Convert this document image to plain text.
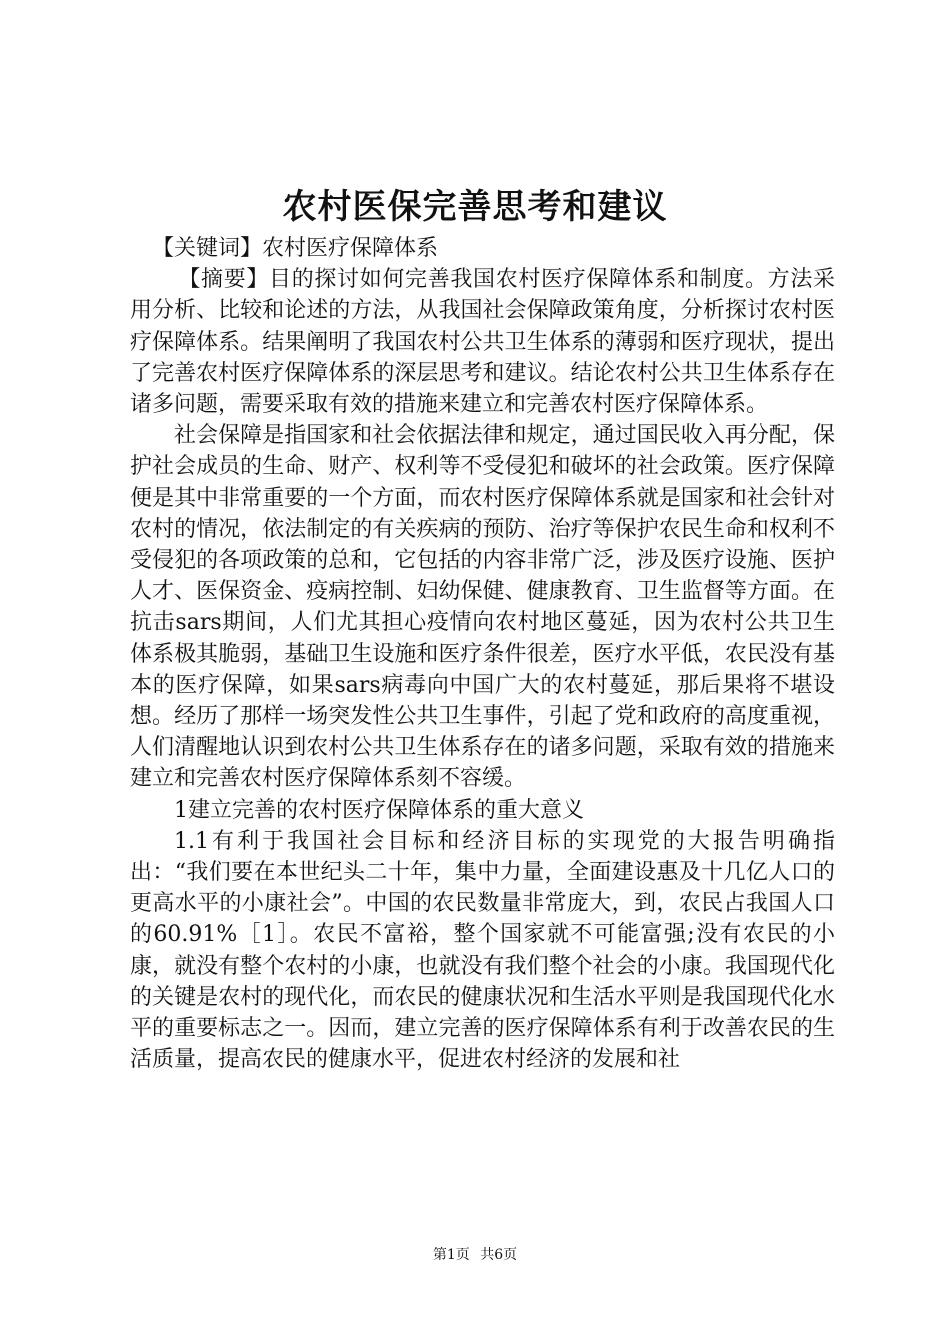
农村医保完善思考和建议

【关键词】农村医疗保障体系

【摘要】目的探讨如何完善我国农村医疗保障体系和制度。方法采用分析、比较和论述的方法，从我国社会保障政策角度，分析探讨农村医疗保障体系。结果阐明了我国农村公共卫生体系的薄弱和医疗现状，提出了完善农村医疗保障体系的深层思考和建议。结论农村公共卫生体系存在诸多问题，需要采取有效的措施来建立和完善农村医疗保障体系。

社会保障是指国家和社会依据法律和规定，通过国民收入再分配，保护社会成员的生命、财产、权利等不受侵犯和破坏的社会政策。医疗保障便是其中非常重要的一个方面，而农村医疗保障体系就是国家和社会针对农村的情况，依法制定的有关疾病的预防、治疗等保护农民生命和权利不受侵犯的各项政策的总和，它包括的内容非常广泛，涉及医疗设施、医护人才、医保资金、疫病控制、妇幼保健、健康教育、卫生监督等方面。在抗击sars期间，人们尤其担心疫情向农村地区蔓延，因为农村公共卫生体系极其脆弱，基础卫生设施和医疗条件很差，医疗水平低，农民没有基本的医疗保障，如果sars病毒向中国广大的农村蔓延，那后果将不堪设想。经历了那样一场突发性公共卫生事件，引起了党和政府的高度重视，人们清醒地认识到农村公共卫生体系存在的诸多问题，采取有效的措施来建立和完善农村医疗保障体系刻不容缓。

1建立完善的农村医疗保障体系的重大意义

1.1有利于我国社会目标和经济目标的实现党的大报告明确指出：“我们要在本世纪头二十年，集中力量，全面建设惠及十几亿人口的更高水平的小康社会”。中国的农民数量非常庞大，到，农民占我国人口的60.91%［1］。农民不富裕，整个国家就不可能富强;没有农民的小康，就没有整个农村的小康，也就没有我们整个社会的小康。我国现代化的关键是农村的现代化，而农民的健康状况和生活水平则是我国现代化水平的重要标志之一。因而，建立完善的医疗保障体系有利于改善农民的生活质量，提高农民的健康水平，促进农村经济的发展和社

第1页 共6页
